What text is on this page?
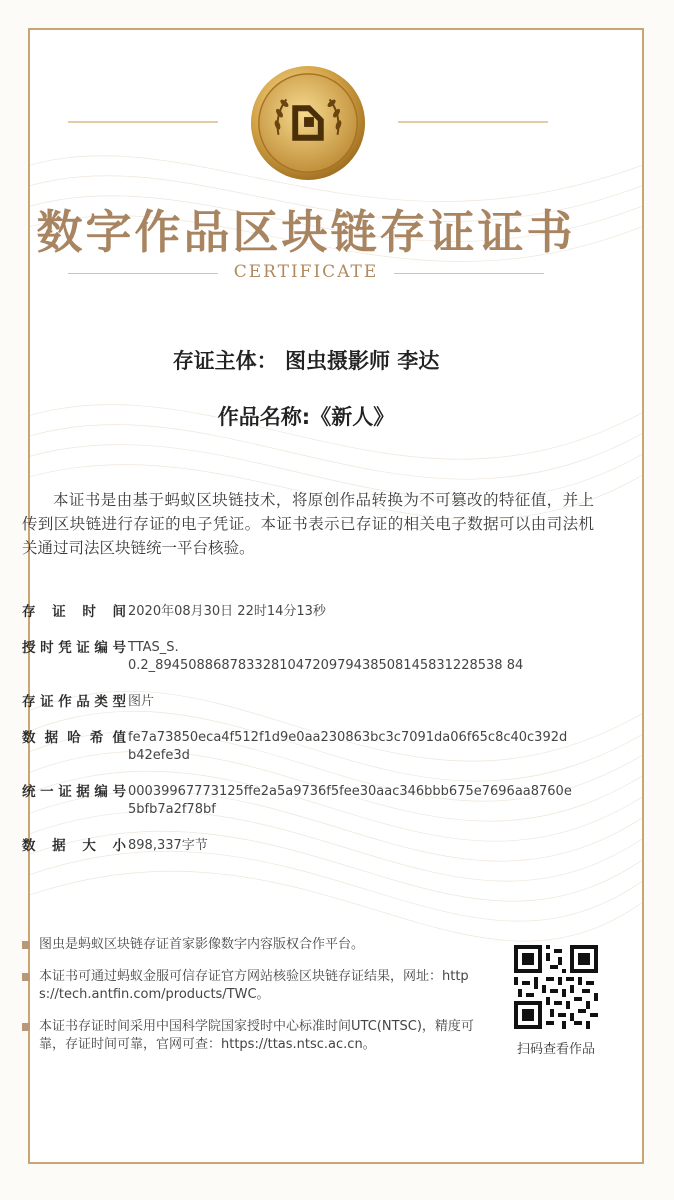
数字作品区块链存证证书
CERTIFICATE
存证主体： 图虫摄影师 李达
作品名称:《新人》
本证书是由基于蚂蚁区块链技术，将原创作品转换为不可篡改的特征值，并上传到区块链进行存证的电子凭证。本证书表示已存证的相关电子数据可以由司法机关通过司法区块链统一平台核验。
存证时间 2020年08月30日 22时14分13秒
授时凭证编号 TTAS_S.
0.2_894508868783328104720979438508145831228538 84
存证作品类型 图片
数据哈希值 fe7a73850eca4f512f1d9e0aa230863bc3c7091da06f65c8c40c392db42efe3d
统一证据编号 00039967773125ffe2a5a9736f5fee30aac346bbb675e7696aa8760e5bfb7a2f78bf
数据大小 898,337字节
图虫是蚂蚁区块链存证首家影像数字内容版权合作平台。
本证书可通过蚂蚁金服可信存证官方网站核验区块链存证结果，网址：https://tech.antfin.com/products/TWC。
本证书存证时间采用中国科学院国家授时中心标准时间UTC(NTSC)，精度可靠，存证时间可靠，官网可查：https://ttas.ntsc.ac.cn。	扫码查看作品
